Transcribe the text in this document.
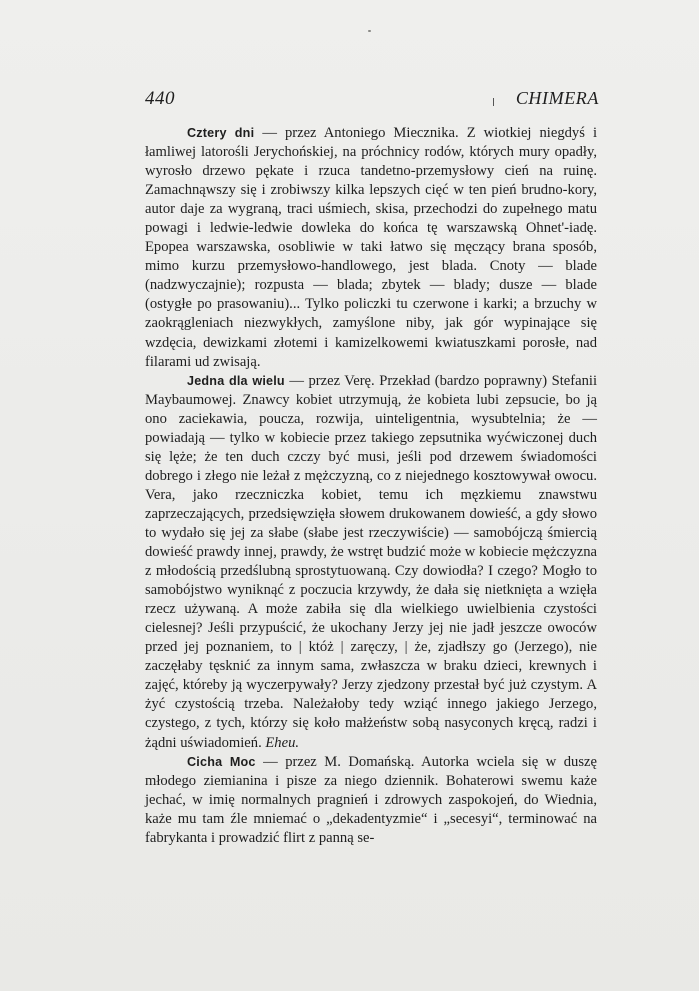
440	CHIMERA

Cztery dni — przez Antoniego Miecznika. Z wiotkiej niegdyś i łamliwej latorośli Jerychońskiej, na próchnicy rodów, których mury opadły, wyrosło drzewo pękate i rzuca tandetno-przemysłowy cień na ruinę. Zamachnąwszy się i zrobiwszy kilka lepszych cięć w ten pień brudno-kory, autor daje za wygraną, traci uśmiech, skisa, przechodzi do zupełnego matu powagi i ledwie-ledwie dowleka do końca tę warszawską Ohnet'-iadę. Epopea warszawska, osobliwie w taki łatwo się męczący brana sposób, mimo kurzu przemysłowo-handlowego, jest blada. Cnoty — blade (nadzwyczajnie); rozpusta — blada; zbytek — blady; dusze — blade (ostygłe po prasowaniu)... Tylko policzki tu czerwone i karki; a brzuchy w zaokrągleniach niezwykłych, zamyślone niby, jak gór wypinające się wzdęcia, dewizkami złotemi i kamizelkowemi kwiatuszkami porosłe, nad filarami ud zwisają.

Jedna dla wielu — przez Verę. Przekład (bardzo poprawny) Stefanii Maybaumowej. Znawcy kobiet utrzymują, że kobieta lubi zepsucie, bo ją ono zaciekawia, poucza, rozwija, uinteligentnia, wysubtelnia; że — powiadają — tylko w kobiecie przez takiego zepsutnika wyćwiczonej duch się lęże; że ten duch czczy być musi, jeśli pod drzewem świadomości dobrego i złego nie leżał z mężczyzną, co z niejednego kosztowywał owocu. Vera, jako rzeczniczka kobiet, temu ich męzkiemu znawstwu zaprzeczających, przedsięwzięła słowem drukowanem dowieść, a gdy słowo to wydało się jej za słabe (słabe jest rzeczywiście) — samobójczą śmiercią dowieść prawdy innej, prawdy, że wstręt budzić może w kobiecie mężczyzna z młodością przedślubną sprostytuowaną. Czy dowiodła? I czego? Mogło to samobójstwo wyniknąć z poczucia krzywdy, że dała się nietknięta a wzięła rzecz używaną. A może zabiła się dla wielkiego uwielbienia czystości cielesnej? Jeśli przypuścić, że ukochany Jerzy jej nie jadł jeszcze owoców przed jej poznaniem, to | któż | zaręczy, | że, zjadłszy go (Jerzego), nie zaczęłaby tęsknić za innym sama, zwłaszcza w braku dzieci, krewnych i zajęć, któreby ją wyczerpywały? Jerzy zjedzony przestał być już czystym. A żyć czystością trzeba. Należałoby tedy wziąć innego jakiego Jerzego, czystego, z tych, którzy się koło małżeństw sobą nasyconych kręcą, radzi i żądni uświadomień. Eheu.

Cicha Moc — przez M. Domańską. Autorka wciela się w duszę młodego ziemianina i pisze za niego dziennik. Bohaterowi swemu każe jechać, w imię normalnych pragnień i zdrowych zaspokojeń, do Wiednia, każe mu tam źle mniemać o „dekadentyzmie“ i „secesyi“, terminować na fabrykanta i prowadzić flirt z panną se-
